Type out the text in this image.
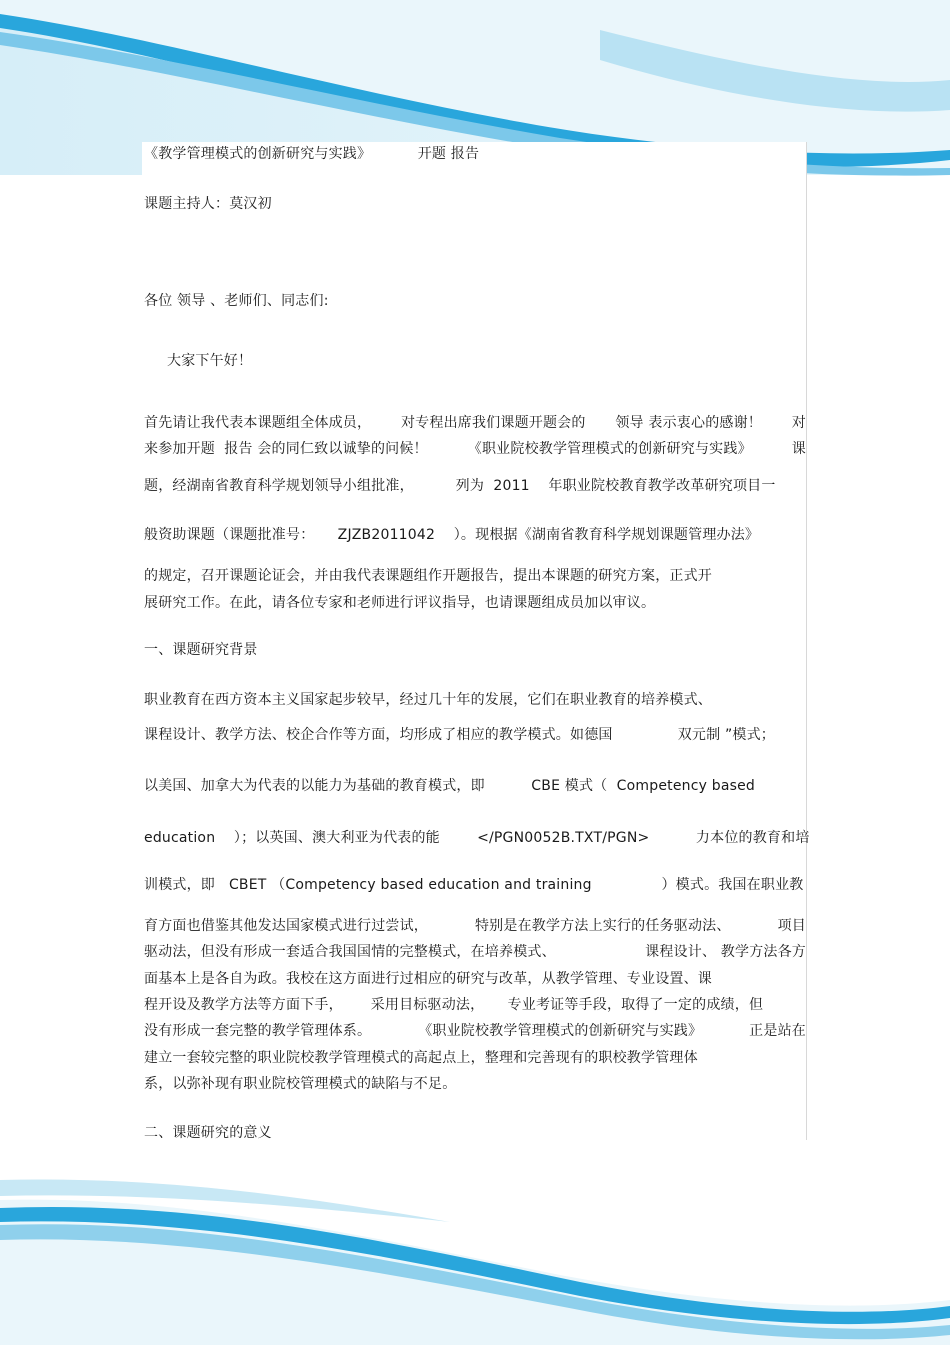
《教学管理模式的创新研究与实践》          开题 报告
课题主持人：莫汉初
各位 领导 、老师们、同志们:
大家下午好！
首先请让我代表本课题组全体成员， 对专程出席我们课题开题会的 领导 表示衷心的感谢！ 对
来参加开题  报告 会的同仁致以诚挚的问候！	《职业院校教学管理模式的创新研究与实践》	课
题，经湖南省教育科学规划领导小组批准，         列为  2011    年职业院校教育教学改革研究项目一
般资助课题（课题批准号：     ZJZB2011042    ）。现根据《湖南省教育科学规划课题管理办法》
的规定，召开课题论证会，并由我代表课题组作开题报告，提出本课题的研究方案，正式开
展研究工作。在此，请各位专家和老师进行评议指导，也请课题组成员加以审议。
一、课题研究背景
职业教育在西方资本主义国家起步较早，经过几十年的发展，它们在职业教育的培养模式、
课程设计、教学方法、校企合作等方面，均形成了相应的教学模式。如德国              双元制 ”模式；
以美国、加拿大为代表的以能力为基础的教育模式，即          CBE 模式（  Competency based
education    ）；以英国、澳大利亚为代表的能        </PGN0052B.TXT/PGN>          力本位的教育和培
训模式，即   CBET （Competency based education and training               ）模式。我国在职业教
育方面也借鉴其他发达国家模式进行过尝试，	特别是在教学方法上实行的任务驱动法、	项目
驱动法，但没有形成一套适合我国国情的完整模式，在培养模式、	课程设计、 教学方法各方
面基本上是各自为政。我校在这方面进行过相应的研究与改革，从教学管理、专业设置、课
程开设及教学方法等方面下手，      采用目标驱动法，     专业考证等手段，取得了一定的成绩，但
没有形成一套完整的教学管理体系。	《职业院校教学管理模式的创新研究与实践》	正是站在
建立一套较完整的职业院校教学管理模式的高起点上，整理和完善现有的职校教学管理体
系，以弥补现有职业院校管理模式的缺陷与不足。
二、课题研究的意义
